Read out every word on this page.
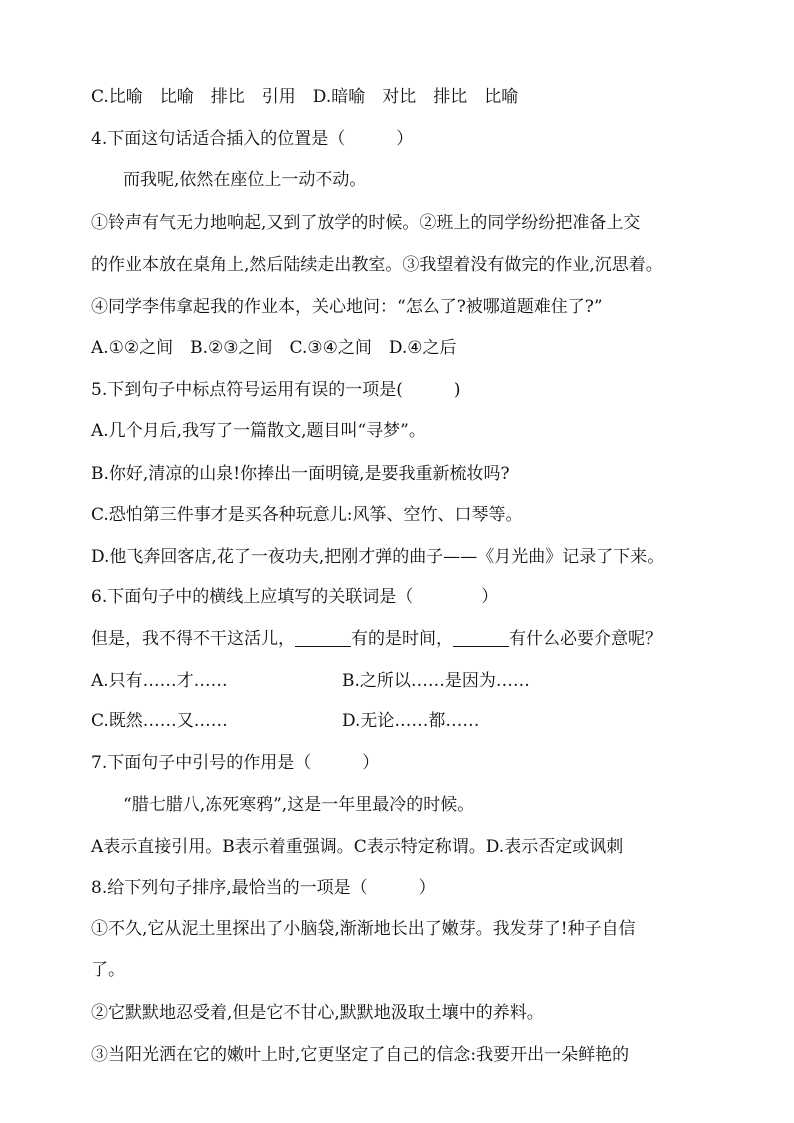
C.比喻　比喻　排比　引用　D.暗喻　对比　排比　比喻
4.下面这句话适合插入的位置是（　　　）
而我呢,依然在座位上一动不动。
①铃声有气无力地响起,又到了放学的时候。②班上的同学纷纷把准备上交
的作业本放在桌角上,然后陆续走出教室。③我望着没有做完的作业,沉思着。
④同学李伟拿起我的作业本，关心地问：“怎么了?被哪道题难住了?”
A.①②之间　B.②③之间　C.③④之间　D.④之后
5.下到句子中标点符号运用有误的一项是(　　　)
A.几个月后,我写了一篇散文,题目叫“寻梦”。
B.你好,清凉的山泉!你捧出一面明镜,是要我重新梳妆吗?
C.恐怕第三件事才是买各种玩意儿:风筝、空竹、口琴等。
D.他飞奔回客店,花了一夜功夫,把刚才弹的曲子——《月光曲》记录了下来。
6.下面句子中的横线上应填写的关联词是（　　　　）
但是，我不得不干这活儿，	有的是时间，	有什么必要介意呢？
A.只有……才……	B.之所以……是因为……
C.既然……又……	D.无论……都……
7.下面句子中引号的作用是（　　　）
“腊七腊八,冻死寒鸦”,这是一年里最冷的时候。
A表示直接引用。B表示着重强调。C表示特定称谓。D.表示否定或讽刺
8.给下列句子排序,最恰当的一项是（　　　）
①不久,它从泥土里探出了小脑袋,渐渐地长出了嫩芽。我发芽了!种子自信
了。
②它默默地忍受着,但是它不甘心,默默地汲取土壤中的养料。
③当阳光洒在它的嫩叶上时,它更坚定了自己的信念:我要开出一朵鲜艳的
